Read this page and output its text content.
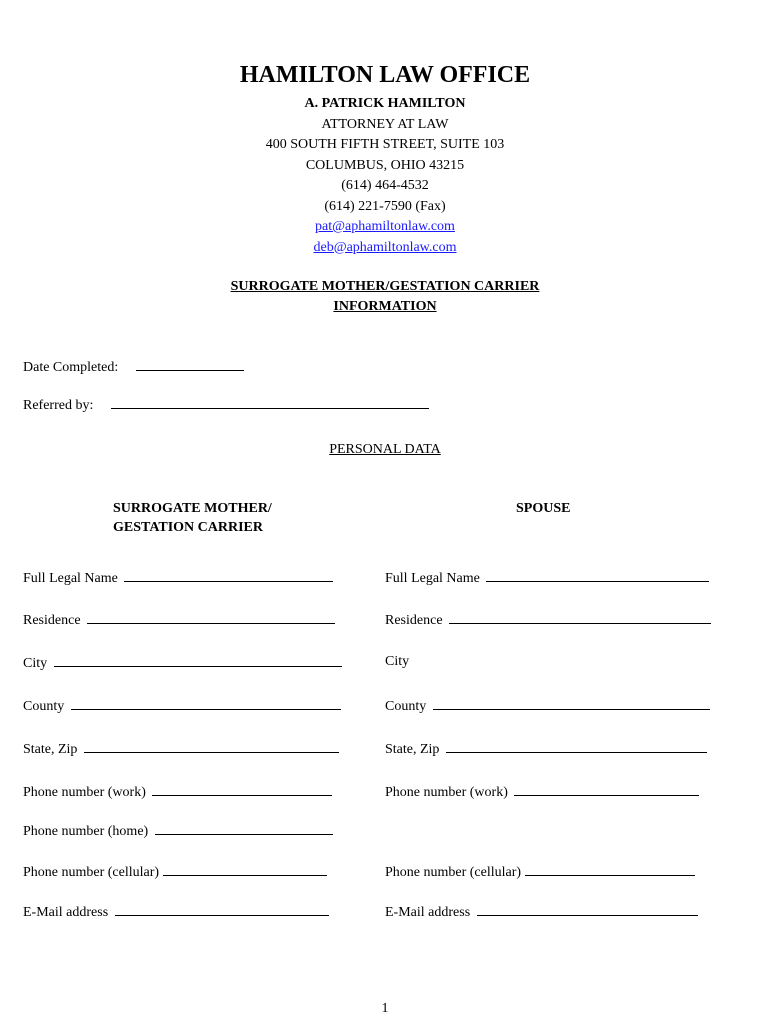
HAMILTON LAW OFFICE
A. PATRICK HAMILTON
ATTORNEY AT LAW
400 SOUTH FIFTH STREET, SUITE 103
COLUMBUS, OHIO 43215
(614) 464-4532
(614) 221-7590 (Fax)
pat@aphamiltonlaw.com
deb@aphamiltonlaw.com
SURROGATE MOTHER/GESTATION CARRIER
INFORMATION
Date Completed:
Referred by:
PERSONAL DATA
SURROGATE MOTHER/
GESTATION CARRIER
SPOUSE
Full Legal Name
Residence
City
County
State, Zip
Phone number (work)
Phone number (home)
Phone number (cellular)
E-Mail address
Full Legal Name
Residence
City
County
State, Zip
Phone number (work)
Phone number (cellular)
E-Mail address
1
